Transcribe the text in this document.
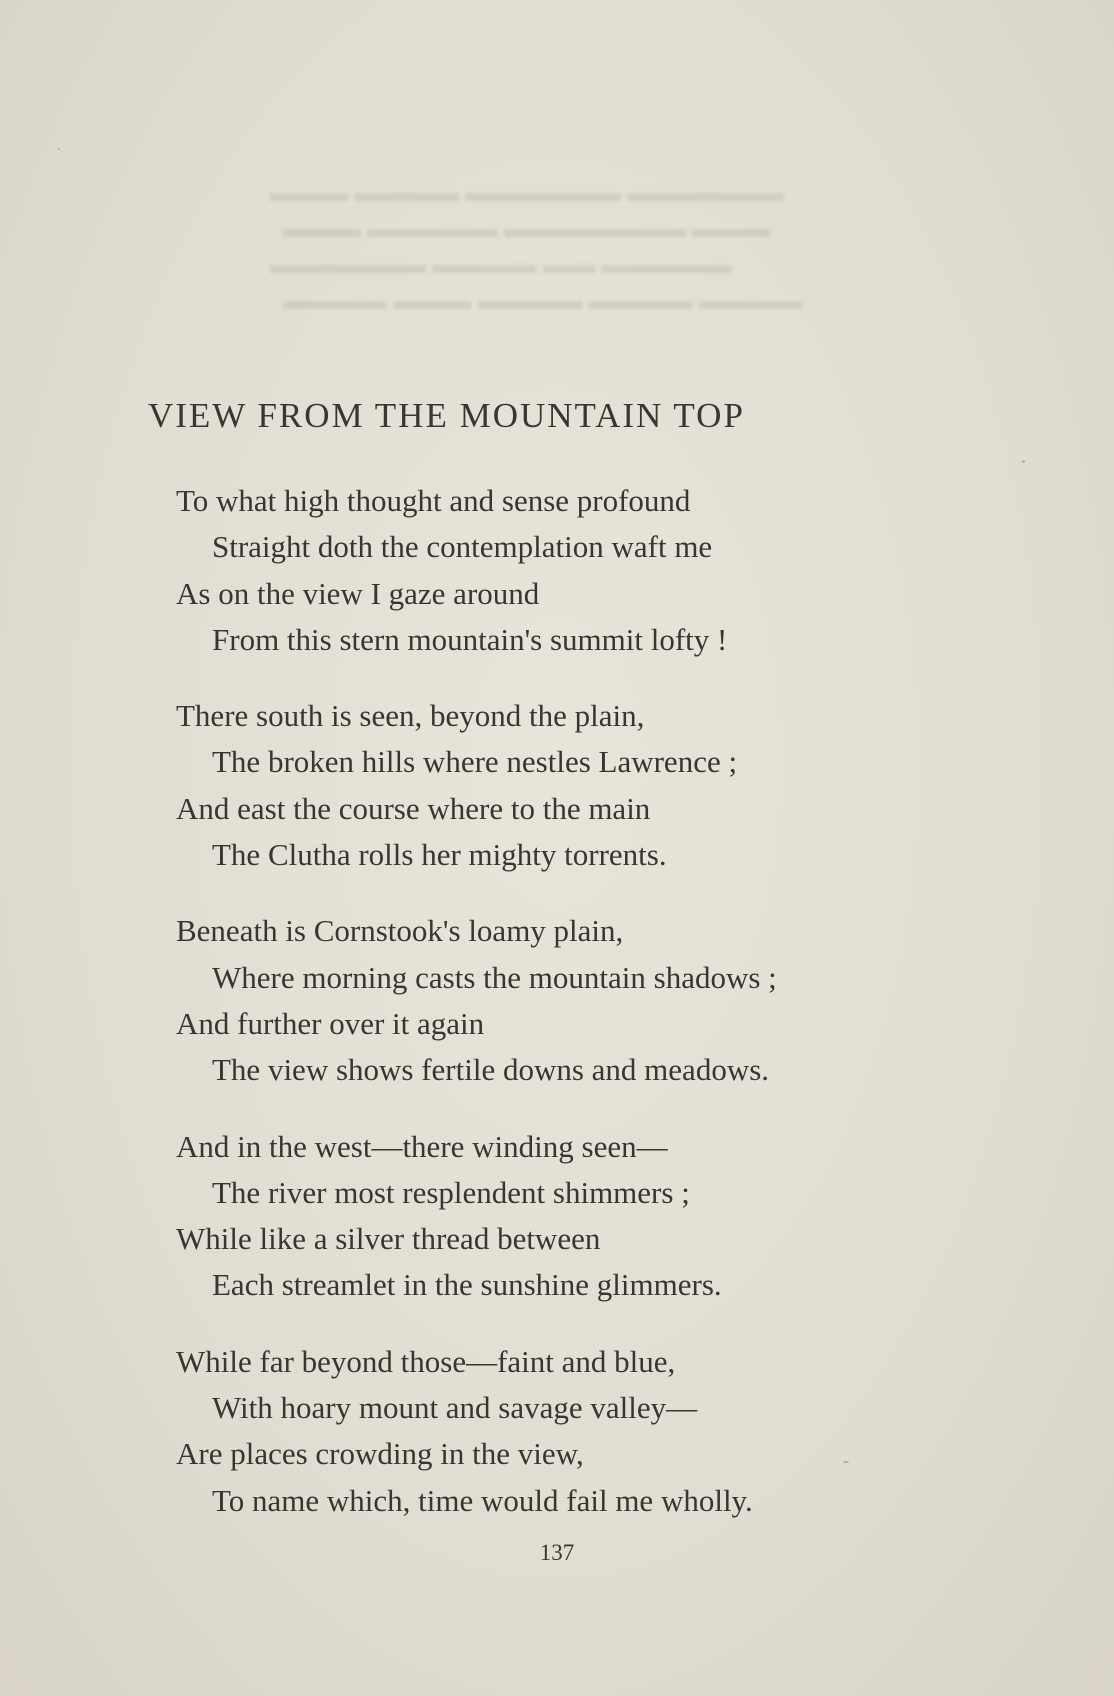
▬▬▬ ▬▬▬▬ ▬▬▬▬▬▬ ▬▬▬▬▬▬
▬▬▬ ▬▬▬▬▬ ▬▬▬▬▬▬▬ ▬▬▬
▬▬▬▬▬▬ ▬▬▬▬ ▬▬ ▬▬▬▬▬
▬▬▬▬ ▬▬▬ ▬▬▬▬ ▬▬▬▬ ▬▬▬▬
VIEW FROM THE MOUNTAIN TOP
To what high thought and sense profound
Straight doth the contemplation waft me
As on the view I gaze around
From this stern mountain's summit lofty !
There south is seen, beyond the plain,
The broken hills where nestles Lawrence ;
And east the course where to the main
The Clutha rolls her mighty torrents.
Beneath is Cornstook's loamy plain,
Where morning casts the mountain shadows ;
And further over it again
The view shows fertile downs and meadows.
And in the west—there winding seen—
The river most resplendent shimmers ;
While like a silver thread between
Each streamlet in the sunshine glimmers.
While far beyond those—faint and blue,
With hoary mount and savage valley—
Are places crowding in the view,
To name which, time would fail me wholly.
137
